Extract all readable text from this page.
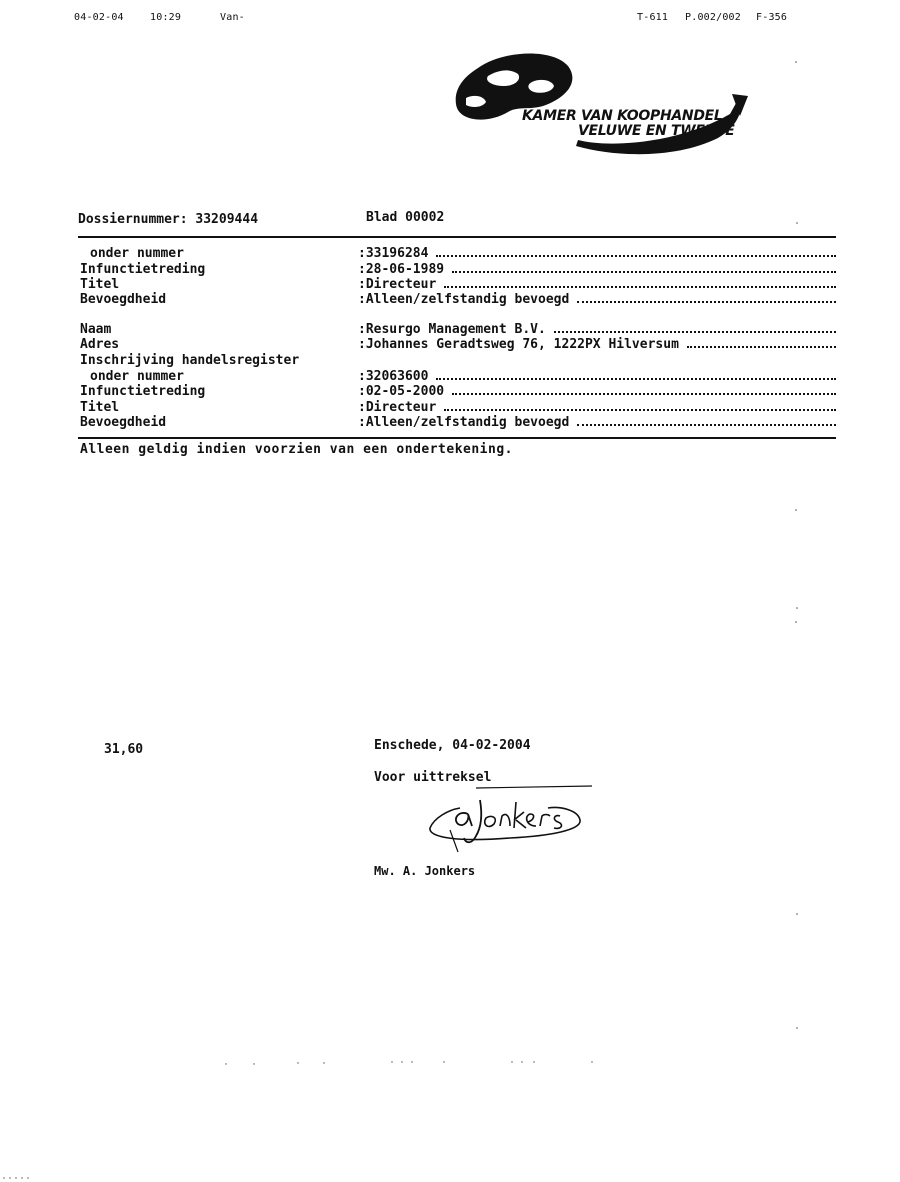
04-02-04	10:29	Van-	T-611 P.002/002 F-356
KAMER VAN KOOPHANDEL
VELUWE EN TWENTE
Dossiernummer: 33209444	Blad 00002
onder nummer	:33196284
Infunctietreding	:28-06-1989
Titel	:Directeur
Bevoegdheid	:Alleen/zelfstandig bevoegd
Naam	:Resurgo Management B.V.
Adres	:Johannes Geradtsweg 76, 1222PX Hilversum
Inschrijving handelsregister
onder nummer	:32063600
Infunctietreding	:02-05-2000
Titel	:Directeur
Bevoegdheid	:Alleen/zelfstandig bevoegd
Alleen geldig indien voorzien van een ondertekening.
31,60	Enschede, 04-02-2004
Voor uittreksel
Mw. A. Jonkers
